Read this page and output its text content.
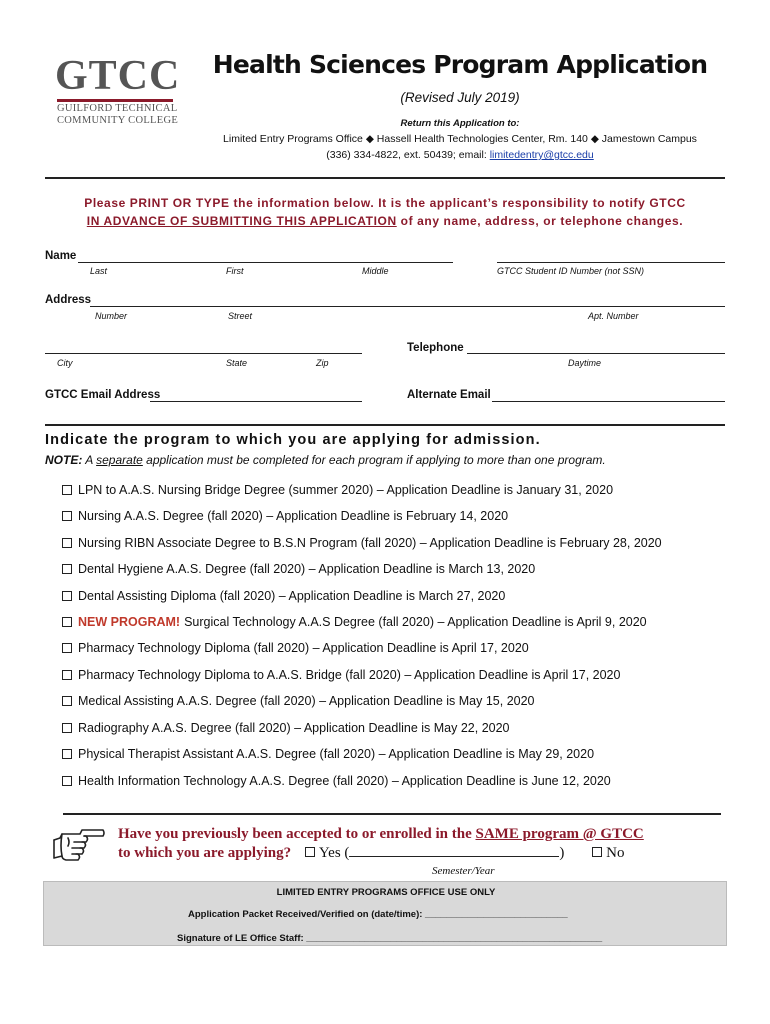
GTCC
GUILFORD TECHNICAL
COMMUNITY COLLEGE
Health Sciences Program Application
(Revised July 2019)
Return this Application to:
Limited Entry Programs Office ◆ Hassell Health Technologies Center, Rm. 140 ◆ Jamestown Campus
(336) 334-4822, ext. 50439; email: limitedentry@gtcc.edu
Please PRINT OR TYPE the information below. It is the applicant’s responsibility to notify GTCC
IN ADVANCE OF SUBMITTING THIS APPLICATION of any name, address, or telephone changes.
Name
Last	First	Middle	GTCC Student ID Number (not SSN)
Address
Number	Street	Apt. Number
Telephone
City	State	Zip	Daytime
GTCC Email Address	Alternate Email
Indicate the program to which you are applying for admission.
NOTE: A separate application must be completed for each program if applying to more than one program.
LPN to A.A.S. Nursing Bridge Degree (summer 2020) – Application Deadline is January 31, 2020
Nursing A.A.S. Degree (fall 2020) – Application Deadline is February 14, 2020
Nursing RIBN Associate Degree to B.S.N Program (fall 2020) – Application Deadline is February 28, 2020
Dental Hygiene A.A.S. Degree (fall 2020) – Application Deadline is March 13, 2020
Dental Assisting Diploma (fall 2020) – Application Deadline is March 27, 2020
NEW PROGRAM! Surgical Technology A.A.S Degree (fall 2020) – Application Deadline is April 9, 2020
Pharmacy Technology Diploma (fall 2020) – Application Deadline is April 17, 2020
Pharmacy Technology Diploma to A.A.S. Bridge (fall 2020) – Application Deadline is April 17, 2020
Medical Assisting A.A.S. Degree (fall 2020) – Application Deadline is May 15, 2020
Radiography A.A.S. Degree (fall 2020) – Application Deadline is May 22, 2020
Physical Therapist Assistant A.A.S. Degree (fall 2020) – Application Deadline is May 29, 2020
Health Information Technology A.A.S. Degree (fall 2020) – Application Deadline is June 12, 2020
Have you previously been accepted to or enrolled in the SAME program @ GTCC
to which you are applying? Yes (	)	No
Semester/Year
LIMITED ENTRY PROGRAMS OFFICE USE ONLY
Application Packet Received/Verified on (date/time): ___________________________
Signature of LE Office Staff: ________________________________________________________
